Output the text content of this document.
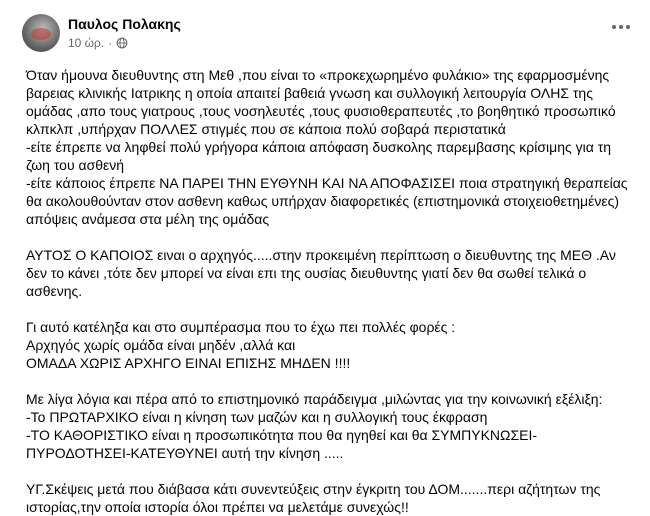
Παυλος Πολακης
10 ώρ. ·

Όταν ήμουνα διευθυντης στη Μεθ ,που είναι το «προκεχωρημένο φυλάκιο» της εφαρμοσμένης βαρειας κλινικής Ιατρικης η οποία απαιτεί βαθειά γνωση και συλλογική λειτουργία ΟΛΗΣ της ομάδας ,απο τους γιατρους ,τους νοσηλευτές ,τους φυσιοθεραπευτές ,το βοηθητικό προσωπικό κλπκλπ ,υπήρχαν ΠΟΛΛΕΣ στιγμές που σε κάποια πολύ σοβαρά περιστατικά
-είτε έπρεπε να ληφθεί πολύ γρήγορα κάποια απόφαση δυσκολης παρεμβασης κρίσιμης για τη ζωη του ασθενή
-είτε κάποιος έπρεπε ΝΑ ΠΑΡΕΙ ΤΗΝ ΕΥΘΥΝΗ ΚΑΙ ΝΑ ΑΠΟΦΑΣΙΣΕΙ ποια στρατηγική θεραπείας θα ακολουθούνταν στον ασθενη καθως υπήρχαν διαφορετικές (επιστημονικά στοιχειοθετημένες) απόψεις ανάμεσα στα μέλη της ομάδας

ΑΥΤΟΣ Ο ΚΑΠΟΙΟΣ ειναι ο αρχηγός.....στην προκειμένη περίπτωση ο διευθυντης της ΜΕΘ .Αν δεν το κάνει ,τότε δεν μπορεί να είναι επι της ουσίας διευθυντης γιατί δεν θα σωθεί τελικά ο ασθενης.

Γι αυτό κατέληξα και στο συμπέρασμα που το έχω πει πολλές φορές :
Αρχηγός χωρίς ομάδα είναι μηδέν ,αλλά και
ΟΜΑΔΑ ΧΩΡΙΣ ΑΡΧΗΓΟ ΕΙΝΑΙ ΕΠΙΣΗΣ ΜΗΔΕΝ !!!!

Με λίγα λόγια και πέρα από το επιστημονικό παράδειγμα ,μιλώντας για την κοινωνική εξέλιξη:
-Το ΠΡΩΤΑΡΧΙΚΟ είναι η κίνηση των μαζών και η συλλογική τους έκφραση
-ΤΟ ΚΑΘΟΡΙΣΤΙΚΟ είναι η προσωπικότητα που θα ηγηθεί και θα ΣΥΜΠΥΚΝΩΣΕΙ-ΠΥΡΟΔΟΤΗΣΕΙ-ΚΑΤΕΥΘΥΝΕΙ αυτή την κίνηση .....

ΥΓ.Σκέψεις μετά που διάβασα κάτι συνεντεύξεις στην έγκριτη του ΔΟΜ.......περι αζήτητων της ιστορίας,την οποία ιστορία όλοι πρέπει να μελετάμε συνεχώς!!
